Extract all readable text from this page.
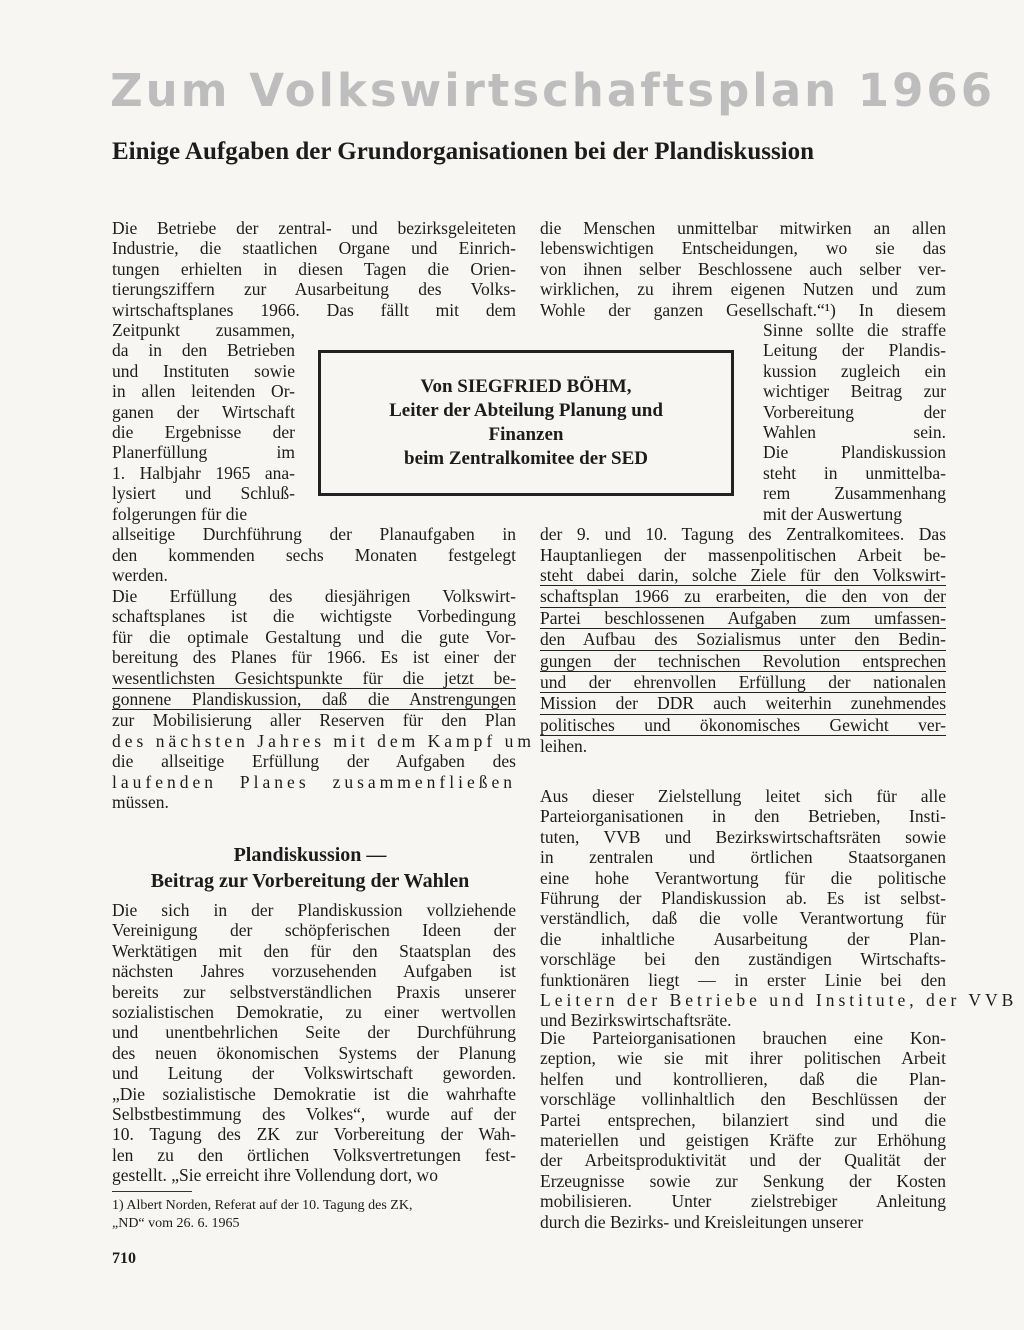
Zum Volkswirtschaftsplan 1966
Einige Aufgaben der Grundorganisationen bei der Plandiskussion
Die Betriebe der zentral- und bezirksgeleiteten
Industrie, die staatlichen Organe und Einrich-
tungen erhielten in diesen Tagen die Orien-
tierungsziffern zur Ausarbeitung des Volks-
wirtschaftsplanes 1966. Das fällt mit dem
Zeitpunkt zusammen,
da in den Betrieben
und Instituten sowie
in allen leitenden Or-
ganen der Wirtschaft
die Ergebnisse der
Planerfüllung im
1. Halbjahr 1965 ana-
lysiert und Schluß-
folgerungen für die
allseitige Durchführung der Planaufgaben in
den kommenden sechs Monaten festgelegt
werden.
Die Erfüllung des diesjährigen Volkswirt-
schaftsplanes ist die wichtigste Vorbedingung
für die optimale Gestaltung und die gute Vor-
bereitung des Planes für 1966. Es ist einer der
wesentlichsten Gesichtspunkte für die jetzt be-
gonnene Plandiskussion, daß die Anstrengungen
zur Mobilisierung aller Reserven für den Plan
des nächsten Jahres mit dem Kampf um
die allseitige Erfüllung der Aufgaben des
laufenden Planes zusammenfließen
müssen.
Von SIEGFRIED BÖHM,
Leiter der Abteilung Planung und
Finanzen
beim Zentralkomitee der SED
Plandiskussion —
Beitrag zur Vorbereitung der Wahlen
Die sich in der Plandiskussion vollziehende
Vereinigung der schöpferischen Ideen der
Werktätigen mit den für den Staatsplan des
nächsten Jahres vorzusehenden Aufgaben ist
bereits zur selbstverständlichen Praxis unserer
sozialistischen Demokratie, zu einer wertvollen
und unentbehrlichen Seite der Durchführung
des neuen ökonomischen Systems der Planung
und Leitung der Volkswirtschaft geworden.
„Die sozialistische Demokratie ist die wahrhafte
Selbstbestimmung des Volkes“, wurde auf der
10. Tagung des ZK zur Vorbereitung der Wah-
len zu den örtlichen Volksvertretungen fest-
gestellt. „Sie erreicht ihre Vollendung dort, wo
die Menschen unmittelbar mitwirken an allen
lebenswichtigen Entscheidungen, wo sie das
von ihnen selber Beschlossene auch selber ver-
wirklichen, zu ihrem eigenen Nutzen und zum
Wohle der ganzen Gesellschaft.“¹) In diesem
Sinne sollte die straffe
Leitung der Plandis-
kussion zugleich ein
wichtiger Beitrag zur
Vorbereitung der
Wahlen sein.
Die Plandiskussion
steht in unmittelba-
rem Zusammenhang
mit der Auswertung
der 9. und 10. Tagung des Zentralkomitees. Das
Hauptanliegen der massenpolitischen Arbeit be-
steht dabei darin, solche Ziele für den Volkswirt-
schaftsplan 1966 zu erarbeiten, die den von der
Partei beschlossenen Aufgaben zum umfassen-
den Aufbau des Sozialismus unter den Bedin-
gungen der technischen Revolution entsprechen
und der ehrenvollen Erfüllung der nationalen
Mission der DDR auch weiterhin zunehmendes
politisches und ökonomisches Gewicht ver-
leihen.
Aus dieser Zielstellung leitet sich für alle
Parteiorganisationen in den Betrieben, Insti-
tuten, VVB und Bezirkswirtschaftsräten sowie
in zentralen und örtlichen Staatsorganen
eine hohe Verantwortung für die politische
Führung der Plandiskussion ab. Es ist selbst-
verständlich, daß die volle Verantwortung für
die inhaltliche Ausarbeitung der Plan-
vorschläge bei den zuständigen Wirtschafts-
funktionären liegt — in erster Linie bei den
Leitern der Betriebe und Institute, der VVB
und Bezirkswirtschaftsräte.
Die Parteiorganisationen brauchen eine Kon-
zeption, wie sie mit ihrer politischen Arbeit
helfen und kontrollieren, daß die Plan-
vorschläge vollinhaltlich den Beschlüssen der
Partei entsprechen, bilanziert sind und die
materiellen und geistigen Kräfte zur Erhöhung
der Arbeitsproduktivität und der Qualität der
Erzeugnisse sowie zur Senkung der Kosten
mobilisieren. Unter zielstrebiger Anleitung
durch die Bezirks- und Kreisleitungen unserer
1) Albert Norden, Referat auf der 10. Tagung des ZK,
„ND“ vom 26. 6. 1965
710
